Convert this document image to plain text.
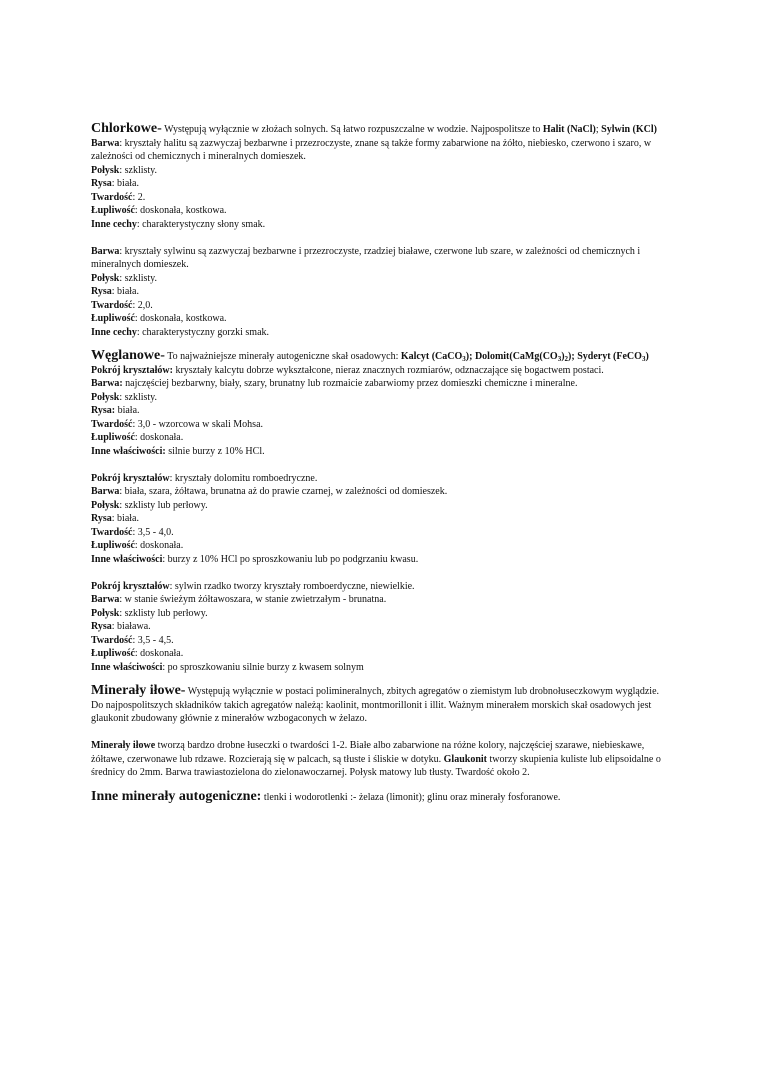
Chlorkowe- Występują wyłącznie w złożach solnych. Są łatwo rozpuszczalne w wodzie. Najpospolitsze to Halit (NaCl); Sylwin (KCl)

Barwa: kryształy halitu są zazwyczaj bezbarwne i przezroczyste, znane są także formy zabarwione na żółto, niebiesko, czerwono i szaro, w zależności od chemicznych i mineralnych domieszek.

Połysk: szklisty.

Rysa: biała.

Twardość: 2.

Łupliwość: doskonała, kostkowa.

Inne cechy: charakterystyczny słony smak.

Barwa: kryształy sylwinu są zazwyczaj bezbarwne i przezroczyste, rzadziej białawe, czerwone lub szare, w zależności od chemicznych i mineralnych domieszek.

Połysk: szklisty.

Rysa: biała.

Twardość: 2,0.

Łupliwość: doskonała, kostkowa.

Inne cechy: charakterystyczny gorzki smak.

Węglanowe- To najważniejsze minerały autogeniczne skał osadowych: Kalcyt (CaCO$_3$); $Dolomit(CaMg(CO_3)_2)$; Syderyt (FeCO$_3$)

Pokrój kryształów: kryształy kalcytu dobrze wykształcone, nieraz znacznych rozmiarów, odznaczające się bogactwem postaci.

Barwa: najczęściej bezbarwny, biały, szary, brunatny lub rozmaicie zabarwiomy przez domieszki chemiczne i mineralne.

Połysk: szklisty.

Rysa: biała.

Twardość: 3,0 - wzorcowa w skali Mohsa.

Łupliwość: doskonała.

Inne właściwości: silnie burzy z 10% HCl.

Pokrój kryształów: kryształy dolomitu romboedryczne.

Barwa: biała, szara, żółtawa, brunatna aż do prawie czarnej, w zależności od domieszek.

Połysk: szklisty lub perłowy.

Rysa: biała.

Twardość: 3,5 - 4,0.

Łupliwość: doskonała.

Inne właściwości: burzy z 10% HCl po sproszkowaniu lub po podgrzaniu kwasu.

Pokrój kryształów: sylwin rzadko tworzy kryształy romboerdyczne, niewielkie.

Barwa: w stanie świeżym żółtawoszara, w stanie zwietrzałym - brunatna.

Połysk: szklisty lub perłowy.

Rysa: biaława.

Twardość: 3,5 - 4,5.

Łupliwość: doskonała.

Inne właściwości: po sproszkowaniu silnie burzy z kwasem solnym

Minerały iłowe- Występują wyłącznie w postaci polimineralnych, zbitych agregatów o ziemistym lub drobnołuseczkowym wyglądzie. Do najpospolitszych składników takich agregatów należą: kaolinit, montmorillonit i illit. Ważnym minerałem morskich skał osadowych jest glaukonit zbudowany głównie z minerałów wzbogaconych w żelazo.

Minerały iłowe tworzą bardzo drobne łuseczki o twardości 1-2. Białe albo zabarwione na różne kolory, najczęściej szarawe, niebieskawe, żółtawe, czerwonawe lub rdzawe. Rozcierają się w palcach, są tłuste i śliskie w dotyku. Glaukonit tworzy skupienia kuliste lub elipsoidalne o średnicy do 2mm. Barwa trawiastozielona do zielonawoczarnej. Połysk matowy lub tłusty. Twardość około 2.

Inne minerały autogeniczne: tlenki i wodorotlenki :- żelaza (limonit); glinu oraz minerały fosforanowe.
